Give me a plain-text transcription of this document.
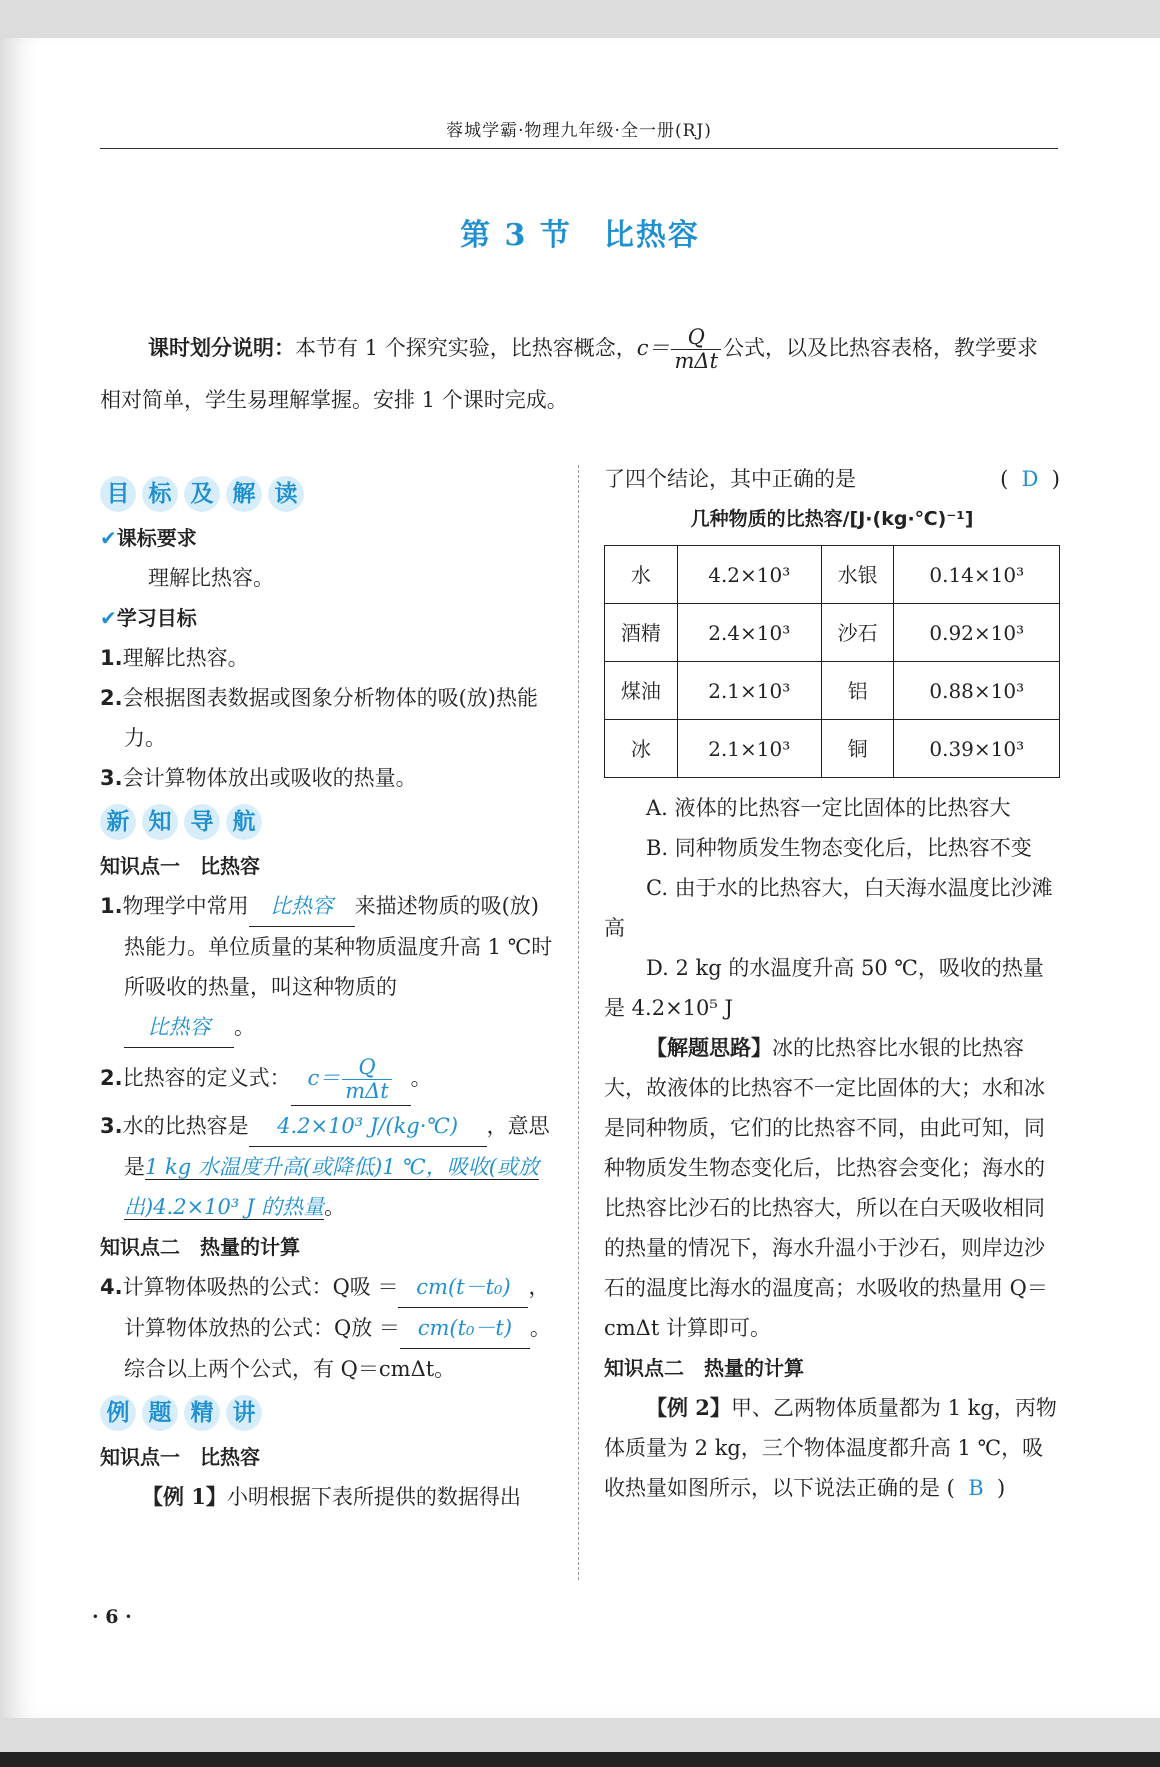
蓉城学霸·物理九年级·全一册(RJ)
第 3 节　比热容
课时划分说明：本节有 1 个探究实验，比热容概念，$c= \frac{Q}{\text{mΔt}}$ 公式，以及比热容表格，教学要求相对简单，学生易理解掌握。安排 1 个课时完成。
目 标 及 解 读
✔课标要求
理解比热容。
✔学习目标
1.理解比热容。
2.会根据图表数据或图象分析物体的吸(放)热能力。
3.会计算物体放出或吸收的热量。
新 知 导 航
知识点一　比热容
1.物理学中常用 比热容 来描述物质的吸(放)热能力。单位质量的某种物质温度升高 1 ℃时所吸收的热量，叫这种物质的
比热容 。
2.比热容的定义式： $c= \frac{Q}{\text{mΔt}}$ 。
3.水的比热容是 4.2×10³ J/(kg·℃) ，意思是1 kg 水温度升高(或降低)1 ℃，吸收(或放出)4.2×10³ J 的热量。
知识点二　热量的计算
4.计算物体吸热的公式：Q吸 ＝ cm(t－t₀) ，
计算物体放热的公式：Q放 ＝ cm(t₀－t) 。
综合以上两个公式，有 Q＝cmΔt。
例 题 精 讲
知识点一　比热容
【例 1】小明根据下表所提供的数据得出
了四个结论，其中正确的是	(  D  )
几种物质的比热容/[J·(kg·℃)⁻¹]
水	4.2×10³	水银	0.14×10³
酒精	2.4×10³	沙石	0.92×10³
煤油	2.1×10³	铝	0.88×10³
冰	2.1×10³	铜	0.39×10³
A. 液体的比热容一定比固体的比热容大
B. 同种物质发生物态变化后，比热容不变
C. 由于水的比热容大，白天海水温度比沙滩高
D. 2 kg 的水温度升高 50 ℃，吸收的热量是 4.2×10⁵ J
【解题思路】冰的比热容比水银的比热容大，故液体的比热容不一定比固体的大；水和冰是同种物质，它们的比热容不同，由此可知，同种物质发生物态变化后，比热容会变化；海水的比热容比沙石的比热容大，所以在白天吸收相同的热量的情况下，海水升温小于沙石，则岸边沙石的温度比海水的温度高；水吸收的热量用 Q＝cmΔt 计算即可。
知识点二　热量的计算
【例 2】甲、乙两物体质量都为 1 kg，丙物体质量为 2 kg，三个物体温度都升高 1 ℃，吸收热量如图所示，以下说法正确的是 (  B  )
· 6 ·
